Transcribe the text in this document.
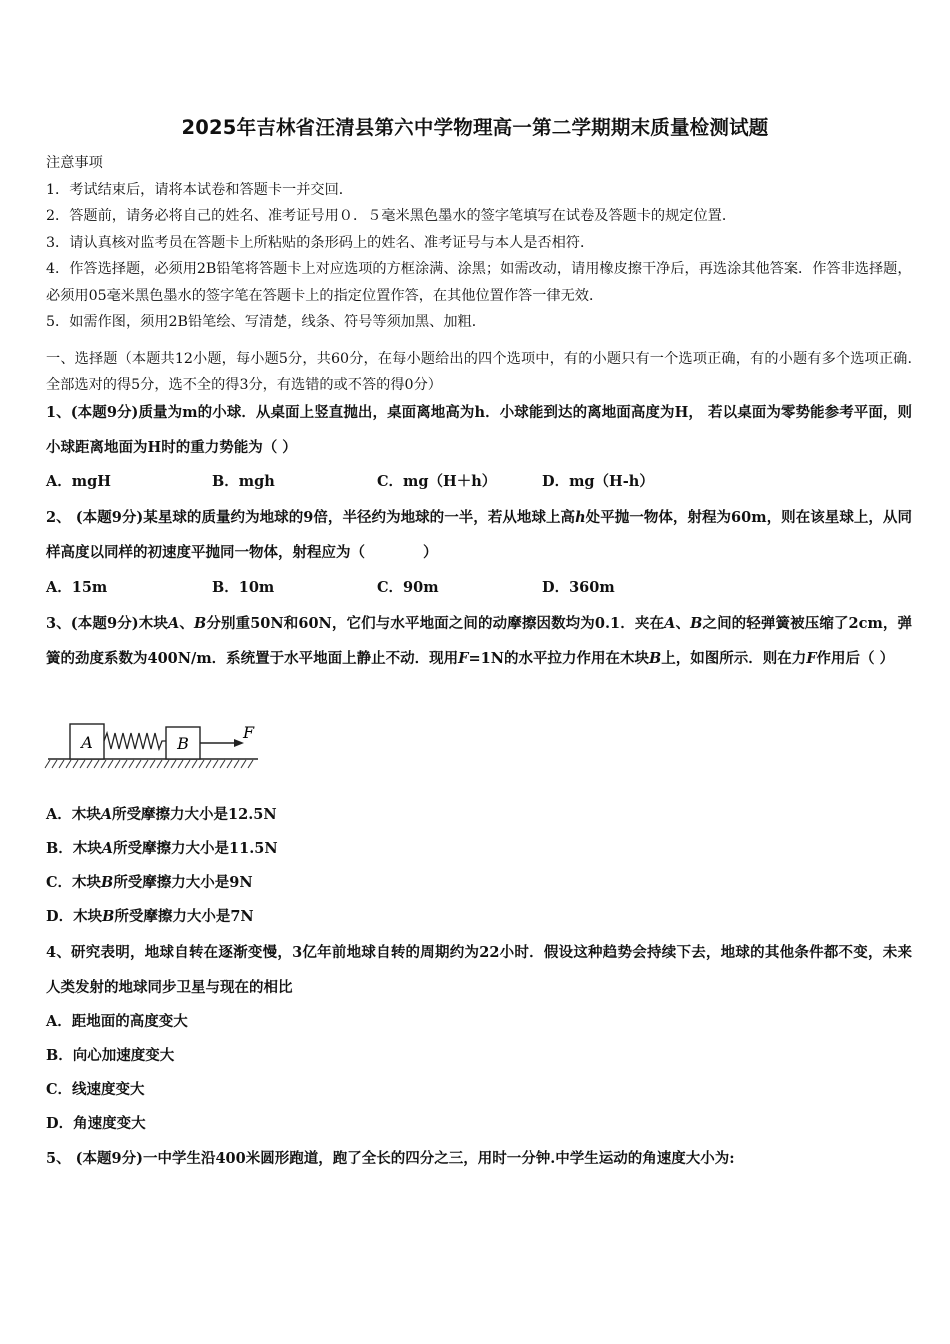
2025年吉林省汪清县第六中学物理高一第二学期期末质量检测试题

注意事项

1．考试结束后，请将本试卷和答题卡一并交回．

2．答题前，请务必将自己的姓名、准考证号用０．５毫米黑色墨水的签字笔填写在试卷及答题卡的规定位置．

3．请认真核对监考员在答题卡上所粘贴的条形码上的姓名、准考证号与本人是否相符．

4．作答选择题，必须用2B铅笔将答题卡上对应选项的方框涂满、涂黑；如需改动，请用橡皮擦干净后，再选涂其他答案．作答非选择题，必须用05毫米黑色墨水的签字笔在答题卡上的指定位置作答，在其他位置作答一律无效．

5．如需作图，须用2B铅笔绘、写清楚，线条、符号等须加黑、加粗．

一、选择题（本题共12小题，每小题5分，共60分，在每小题给出的四个选项中，有的小题只有一个选项正确，有的小题有多个选项正确.全部选对的得5分，选不全的得3分，有选错的或不答的得0分）
1、(本题9分)质量为m的小球．从桌面上竖直抛出，桌面离地高为h．小球能到达的离地面高度为H， 若以桌面为零势能参考平面，则小球距离地面为H时的重力势能为（ ）
A．mgH	B．mgh	C．mg（H＋h）	D．mg（H-h）
2、 (本题9分)某星球的质量约为地球的9倍，半径约为地球的一半，若从地球上高h处平抛一物体，射程为60m，则在该星球上，从同样高度以同样的初速度平抛同一物体，射程应为（　　　　）
A．15m	B．10m	C．90m	D．360m
3、(本题9分)木块A、B分别重50N和60N，它们与水平地面之间的动摩擦因数均为0.1．夹在A、B之间的轻弹簧被压缩了2cm，弹簧的劲度系数为400N/m．系统置于水平地面上静止不动．现用F=1N的水平拉力作用在木块B上，如图所示．则在力F作用后（ ）
A	B
F
A．木块A所受摩擦力大小是12.5N
B．木块A所受摩擦力大小是11.5N
C．木块B所受摩擦力大小是9N
D．木块B所受摩擦力大小是7N
4、研究表明，地球自转在逐渐变慢，3亿年前地球自转的周期约为22小时．假设这种趋势会持续下去，地球的其他条件都不变，未来人类发射的地球同步卫星与现在的相比
A．距地面的高度变大
B．向心加速度变大
C．线速度变大
D．角速度变大
5、 (本题9分)一中学生沿400米圆形跑道，跑了全长的四分之三，用时一分钟.中学生运动的角速度大小为:
